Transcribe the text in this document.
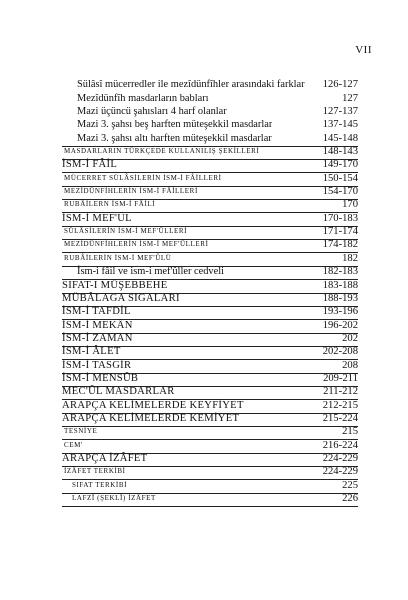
VII
Sülâsî mücerredler ile mezîdünfîhler arasındaki farklar 126-127
Mezîdünfîh masdarların babları	127
Mazi üçüncü şahısları 4 harf olanlar	127-137
Mazi 3. şahsı beş harften müteşekkil masdarlar	137-145
Mazi 3. şahsı altı harften müteşekkil masdarlar	145-148
MASDARLARIN TÜRKÇEDE KULLANILIŞ ŞEKİLLERİ	148-143
İSM-İ FÂİL	149-170
MÜCERRET SÜLÂSİLERİN İSM-İ FÂİLLERİ	150-154
MEZİDÜNFİHLERİN İSM-İ FÂİLLERİ	154-170
RUBÂİLERN İSM-İ FÂİLİ	170
İSM-İ MEF'ÛL	170-183
SÜLÂSİLERİN İSM-İ MEF'ÛLLERİ	171-174
MEZİDÜNFİHLERİN İSM-İ MEF'ÛLLERİ	174-182
RUBÂİLERİN İSM-İ MEF'ÛLÜ	182
İsm-i fâil ve ism-i mef'ûller cedveli	182-183
SIFAT-I MÜŞEBBEHE	183-188
MÜBÂLAGA SIGALARI	188-193
İSM-İ TAFDİL	193-196
İSM-İ MEKÂN	196-202
İSM-İ ZAMAN	202
İSM-İ ÂLET	202-208
İSM-İ TASGİR	208
İSM-İ MENSÛB	209-211
MEC'ÛL MASDARLAR	211-212
ARAPÇA KELİMELERDE KEYFİYET	212-215
ARAPÇA KELİMELERDE KEMİYET	215-224
TESNİYE	215
CEM'	216-224
ARAPÇA İZÂFET	224-229
İZÂFET TERKİBİ	224-229
SIFAT TERKİBİ	225
LAFZÎ (ŞEKLÎ) İZÂFET	226
